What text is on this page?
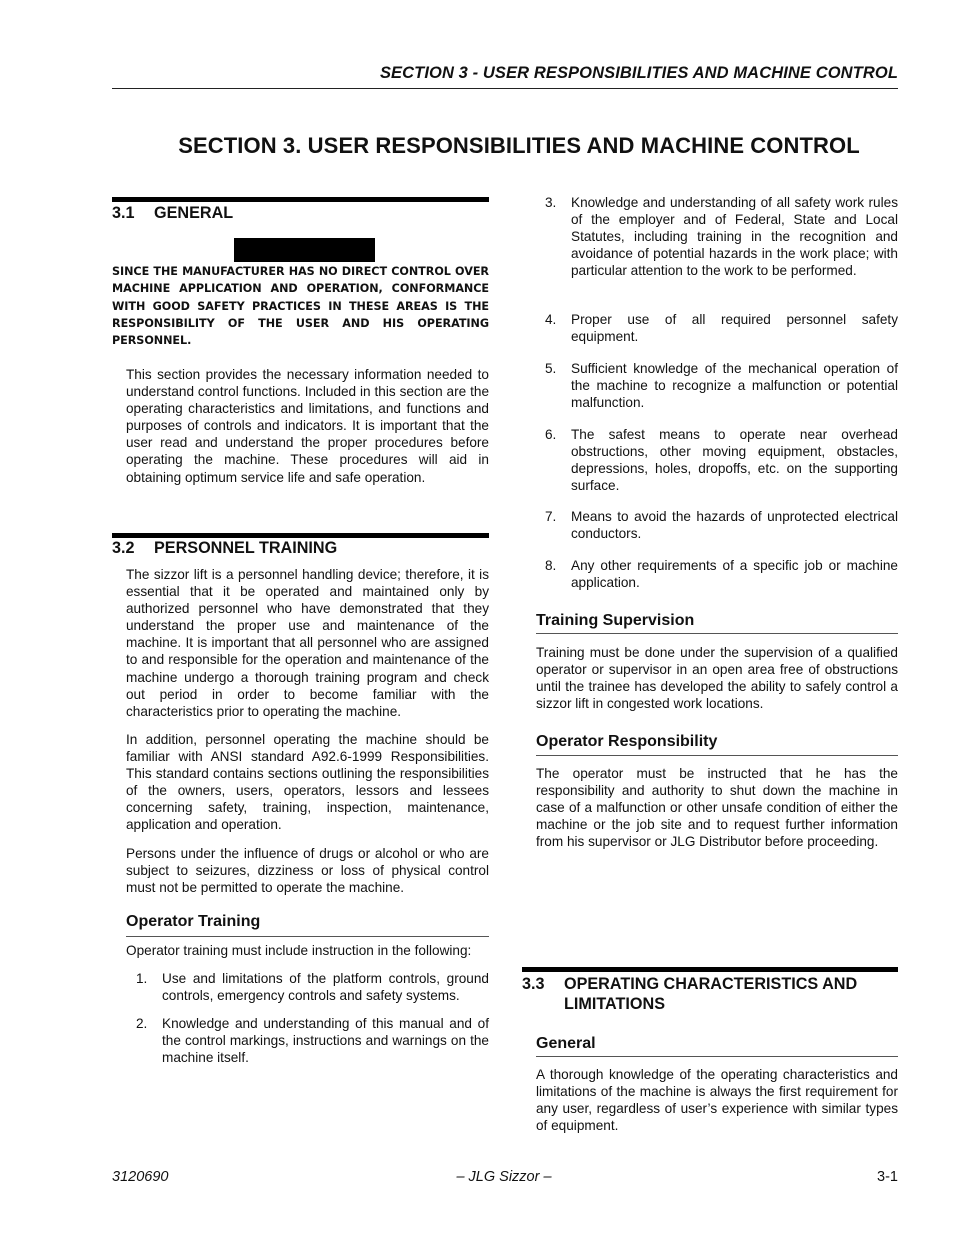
SECTION 3 - USER RESPONSIBILITIES AND MACHINE CONTROL
SECTION 3. USER RESPONSIBILITIES AND MACHINE CONTROL
3.1 GENERAL
SINCE THE MANUFACTURER HAS NO DIRECT CONTROL OVER MACHINE APPLICATION AND OPERATION, CONFORMANCE WITH GOOD SAFETY PRACTICES IN THESE AREAS IS THE RESPONSIBILITY OF THE USER AND HIS OPERATING PERSONNEL.
This section provides the necessary information needed to understand control functions. Included in this section are the operating characteristics and limitations, and functions and purposes of controls and indicators. It is important that the user read and understand the proper procedures before operating the machine. These procedures will aid in obtaining optimum service life and safe operation.
3.2 PERSONNEL TRAINING
The sizzor lift is a personnel handling device; therefore, it is essential that it be operated and maintained only by authorized personnel who have demonstrated that they understand the proper use and maintenance of the machine. It is important that all personnel who are assigned to and responsible for the operation and maintenance of the machine undergo a thorough training program and check out period in order to become familiar with the characteristics prior to operating the machine.
In addition, personnel operating the machine should be familiar with ANSI standard A92.6-1999 Responsibilities. This standard contains sections outlining the responsibilities of the owners, users, operators, lessors and lessees concerning safety, training, inspection, maintenance, application and operation.
Persons under the influence of drugs or alcohol or who are subject to seizures, dizziness or loss of physical control must not be permitted to operate the machine.
Operator Training
Operator training must include instruction in the following:
1. Use and limitations of the platform controls, ground controls, emergency controls and safety systems.
2. Knowledge and understanding of this manual and of the control markings, instructions and warnings on the machine itself.
3. Knowledge and understanding of all safety work rules of the employer and of Federal, State and Local Statutes, including training in the recognition and avoidance of potential hazards in the work place; with particular attention to the work to be performed.
4. Proper use of all required personnel safety equipment.
5. Sufficient knowledge of the mechanical operation of the machine to recognize a malfunction or potential malfunction.
6. The safest means to operate near overhead obstructions, other moving equipment, obstacles, depressions, holes, dropoffs, etc. on the supporting surface.
7. Means to avoid the hazards of unprotected electrical conductors.
8. Any other requirements of a specific job or machine application.
Training Supervision
Training must be done under the supervision of a qualified operator or supervisor in an open area free of obstructions until the trainee has developed the ability to safely control a sizzor lift in congested work locations.
Operator Responsibility
The operator must be instructed that he has the responsibility and authority to shut down the machine in case of a malfunction or other unsafe condition of either the machine or the job site and to request further information from his supervisor or JLG Distributor before proceeding.
3.3 OPERATING CHARACTERISTICS AND
LIMITATIONS
General
A thorough knowledge of the operating characteristics and limitations of the machine is always the first requirement for any user, regardless of user’s experience with similar types of equipment.
3120690	– JLG Sizzor –	3-1
